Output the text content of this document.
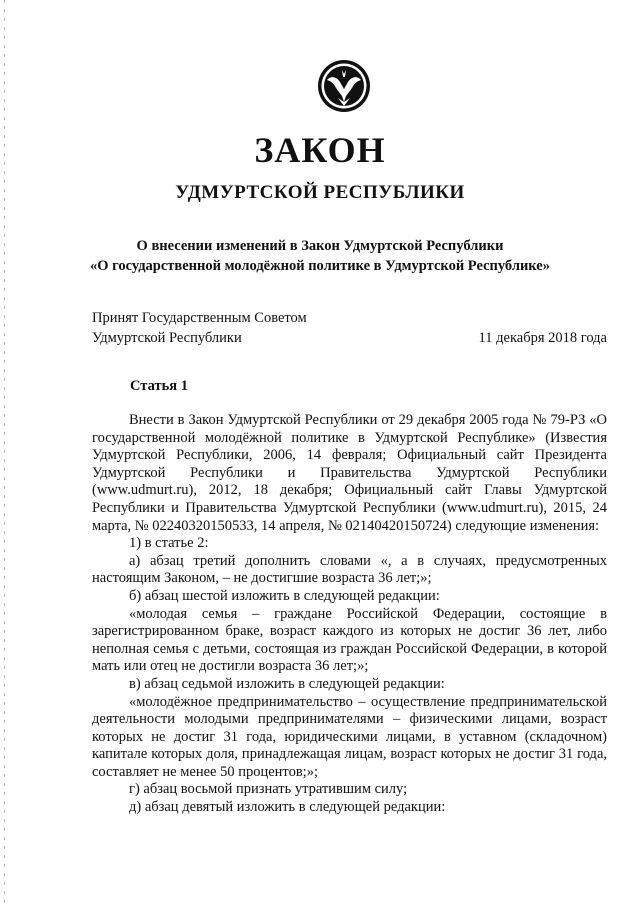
ЗАКОН
УДМУРТСКОЙ РЕСПУБЛИКИ
О внесении изменений в Закон Удмуртской Республики
«О государственной молодёжной политике в Удмуртской Республике»
Принят Государственным Советом
Удмуртской Республики	11 декабря 2018 года
Статья 1

Внести в Закон Удмуртской Республики от 29 декабря 2005 года № 79-РЗ «О государственной молодёжной политике в Удмуртской Республике» (Известия Удмуртской Республики, 2006, 14 февраля; Официальный сайт Президента Удмуртской Республики и Правительства Удмуртской Республики (www.udmurt.ru), 2012, 18 декабря; Официальный сайт Главы Удмуртской Республики и Правительства Удмуртской Республики (www.udmurt.ru), 2015, 24 марта, № 02240320150533, 14 апреля, № 02140420150724) следующие изменения:

1) в статье 2:

а) абзац третий дополнить словами «, а в случаях, предусмотренных настоящим Законом, – не достигшие возраста 36 лет;»;

б) абзац шестой изложить в следующей редакции:

«молодая семья – граждане Российской Федерации, состоящие в зарегистрированном браке, возраст каждого из которых не достиг 36 лет, либо неполная семья с детьми, состоящая из граждан Российской Федерации, в которой мать или отец не достигли возраста 36 лет;»;

в) абзац седьмой изложить в следующей редакции:

«молодёжное предпринимательство – осуществление предпринимательской деятельности молодыми предпринимателями – физическими лицами, возраст которых не достиг 31 года, юридическими лицами, в уставном (складочном) капитале которых доля, принадлежащая лицам, возраст которых не достиг 31 года, составляет не менее 50 процентов;»;

г) абзац восьмой признать утратившим силу;

д) абзац девятый изложить в следующей редакции:
